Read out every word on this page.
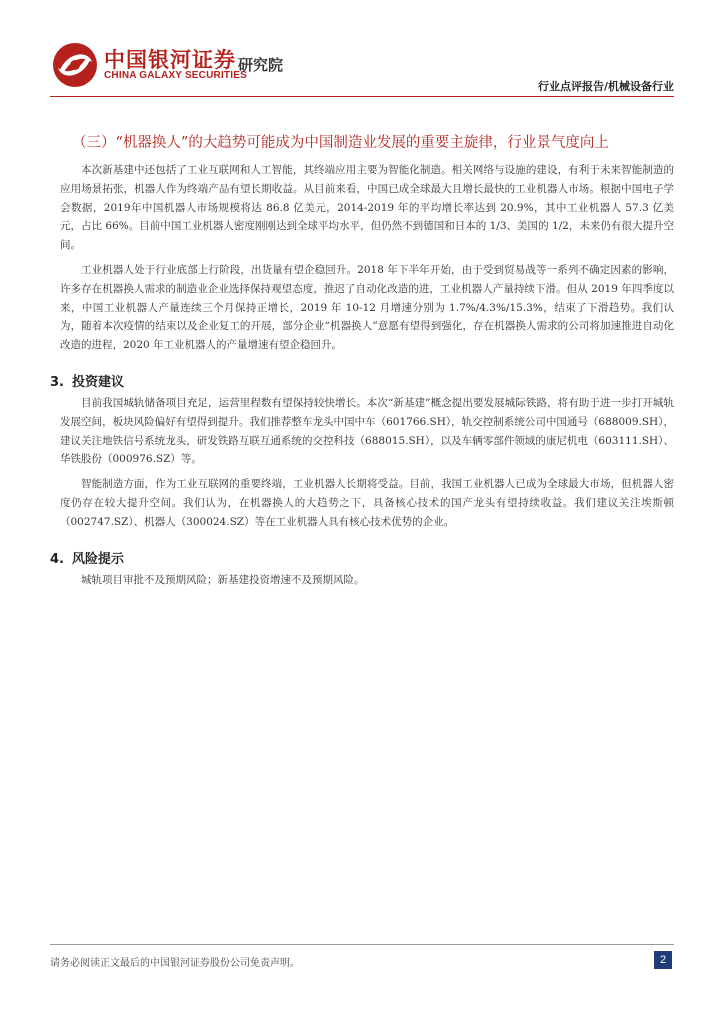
中国银河证券
CHINA GALAXY SECURITIES
研究院
行业点评报告/机械设备行业
（三）“机器换人”的大趋势可能成为中国制造业发展的重要主旋律，行业景气度向上

本次新基建中还包括了工业互联网和人工智能，其终端应用主要为智能化制造。相关网络与设施的建设，有利于未来智能制造的应用场景拓张，机器人作为终端产品有望长期收益。从目前来看，中国已成全球最大且增长最快的工业机器人市场。根据中国电子学会数据，2019年中国机器人市场规模将达 86.8 亿美元，2014-2019 年的平均增长率达到 20.9%，其中工业机器人 57.3 亿美元，占比 66%。目前中国工业机器人密度刚刚达到全球平均水平，但仍然不到德国和日本的 1/3、美国的 1/2，未来仍有很大提升空间。

工业机器人处于行业底部上行阶段，出货量有望企稳回升。2018 年下半年开始，由于受到贸易战等一系列不确定因素的影响，许多存在机器换人需求的制造业企业选择保持观望态度，推迟了自动化改造的进，工业机器人产量持续下滑。但从 2019 年四季度以来，中国工业机器人产量连续三个月保持正增长，2019 年 10-12 月增速分别为 1.7%/4.3%/15.3%，结束了下滑趋势。我们认为，随着本次疫情的结束以及企业复工的开展，部分企业“机器换人”意愿有望得到强化，存在机器换人需求的公司将加速推进自动化改造的进程，2020 年工业机器人的产量增速有望企稳回升。

3. 投资建议

目前我国城轨储备项目充足，运营里程数有望保持较快增长。本次“新基建”概念提出要发展城际铁路，将有助于进一步打开城轨发展空间，板块风险偏好有望得到提升。我们推荐整车龙头中国中车（601766.SH），轨交控制系统公司中国通号（688009.SH），建议关注地铁信号系统龙头，研发铁路互联互通系统的交控科技（688015.SH），以及车辆零部件领域的康尼机电（603111.SH）、华铁股份（000976.SZ）等。

智能制造方面，作为工业互联网的重要终端，工业机器人长期将受益。目前，我国工业机器人已成为全球最大市场，但机器人密度仍存在较大提升空间。我们认为，在机器换人的大趋势之下，具备核心技术的国产龙头有望持续收益。我们建议关注埃斯顿（002747.SZ）、机器人（300024.SZ）等在工业机器人具有核心技术优势的企业。

4. 风险提示

城轨项目审批不及预期风险；新基建投资增速不及预期风险。

请务必阅读正文最后的中国银河证券股份公司免责声明。	2
